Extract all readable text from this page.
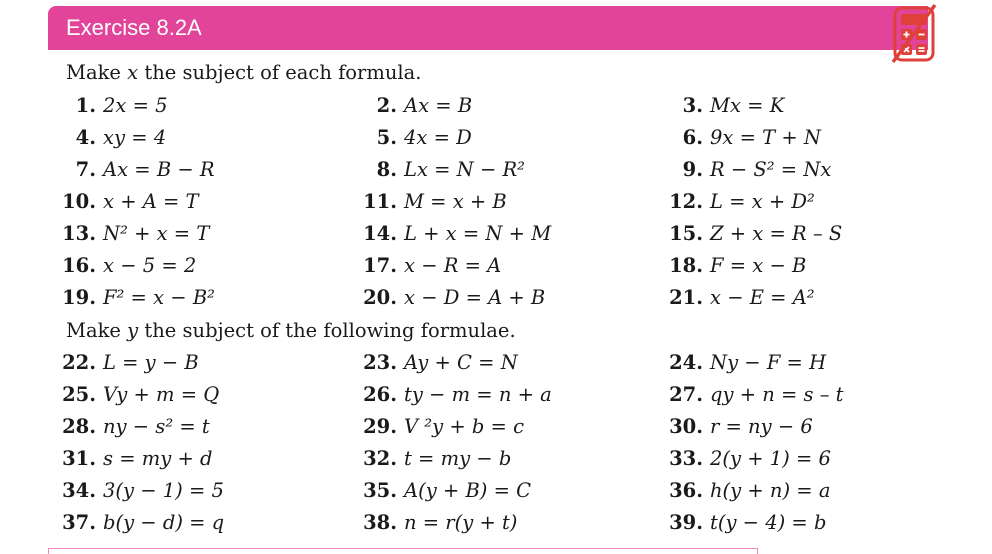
Exercise 8.2A
Make x the subject of each formula.
Make y the subject of the following formulae.
1. 2x = 5	2. Ax = B	3. Mx = K
4. xy = 4	5. 4x = D	6. 9x = T + N
7. Ax = B − R	8. Lx = N − R²	9. R − S² = Nx
10. x + A = T	11. M = x + B	12. L = x + D²
13. N² + x = T	14. L + x = N + M	15. Z + x = R – S
16. x − 5 = 2	17. x − R = A	18. F = x − B
19. F² = x − B²	20. x − D = A + B	21. x − E = A²
22. L = y − B	23. Ay + C = N	24. Ny − F = H
25. Vy + m = Q	26. ty − m = n + a	27. qy + n = s – t
28. ny − s² = t	29. V ²y + b = c	30. r = ny − 6
31. s = my + d	32. t = my − b	33. 2(y + 1) = 6
34. 3(y − 1) = 5	35. A(y + B) = C	36. h(y + n) = a
37. b(y − d) = q	38. n = r(y + t)	39. t(y − 4) = b
